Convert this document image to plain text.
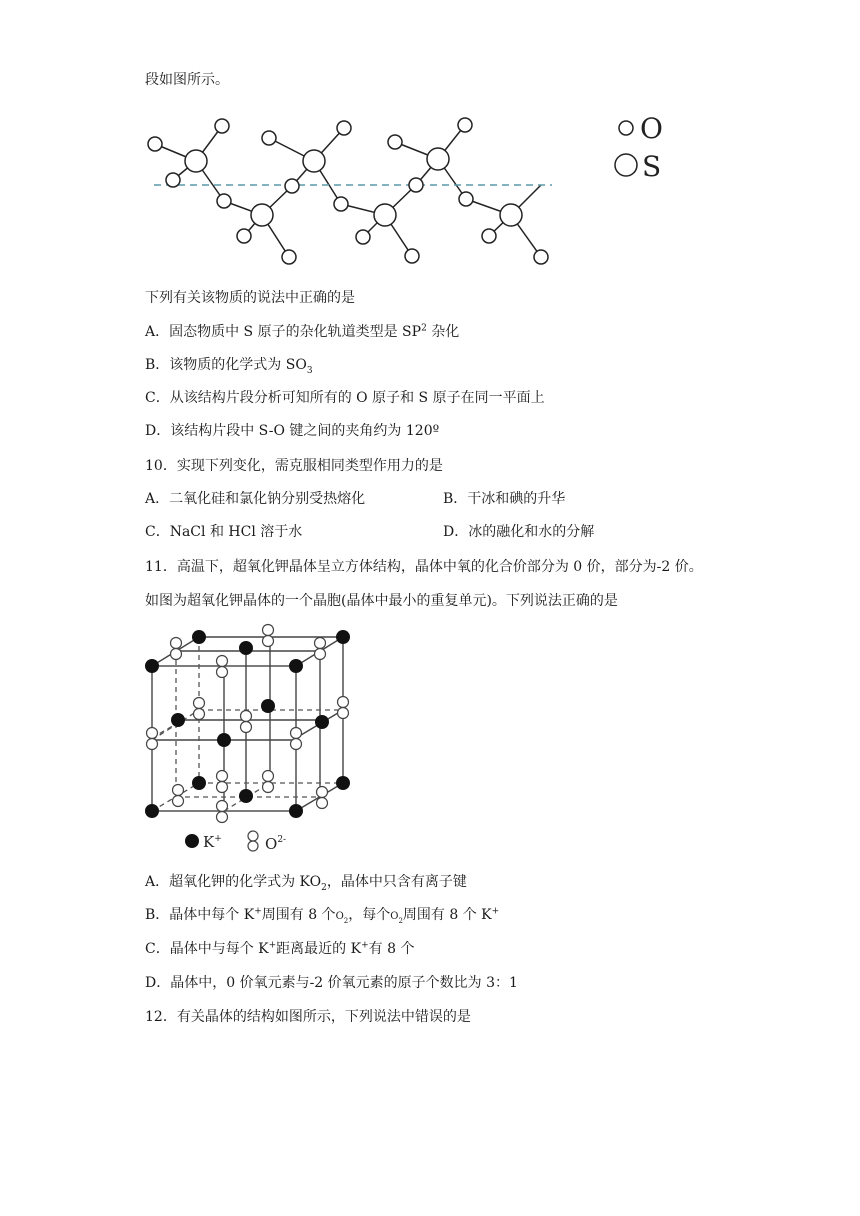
段如图所示。
O
S
下列有关该物质的说法中正确的是
A．固态物质中 S 原子的杂化轨道类型是 $SP^2$ 杂化
B．该物质的化学式为 $SO_3$
C．从该结构片段分析可知所有的 O 原子和 S 原子在同一平面上
D．该结构片段中 S-O 键之间的夹角约为 120º
10．实现下列变化，需克服相同类型作用力的是
A．二氧化硅和氯化钠分别受热熔化	B．干冰和碘的升华
C．NaCl 和 HCl 溶于水	D．冰的融化和水的分解
11．高温下，超氧化钾晶体呈立方体结构，晶体中氧的化合价部分为 0 价，部分为-2 价。
如图为超氧化钾晶体的一个晶胞(晶体中最小的重复单元)。下列说法正确的是
K+	$O^{2-}$
A．超氧化钾的化学式为 $KO_2$，晶体中只含有离子键
B．晶体中每个 K+周围有 8 个$O_2$，每个$O_2$周围有 8 个 K+
C．晶体中与每个 K+距离最近的 K+有 8 个
D．晶体中，0 价氧元素与-2 价氧元素的原子个数比为 3：1
12．有关晶体的结构如图所示，下列说法中错误的是
